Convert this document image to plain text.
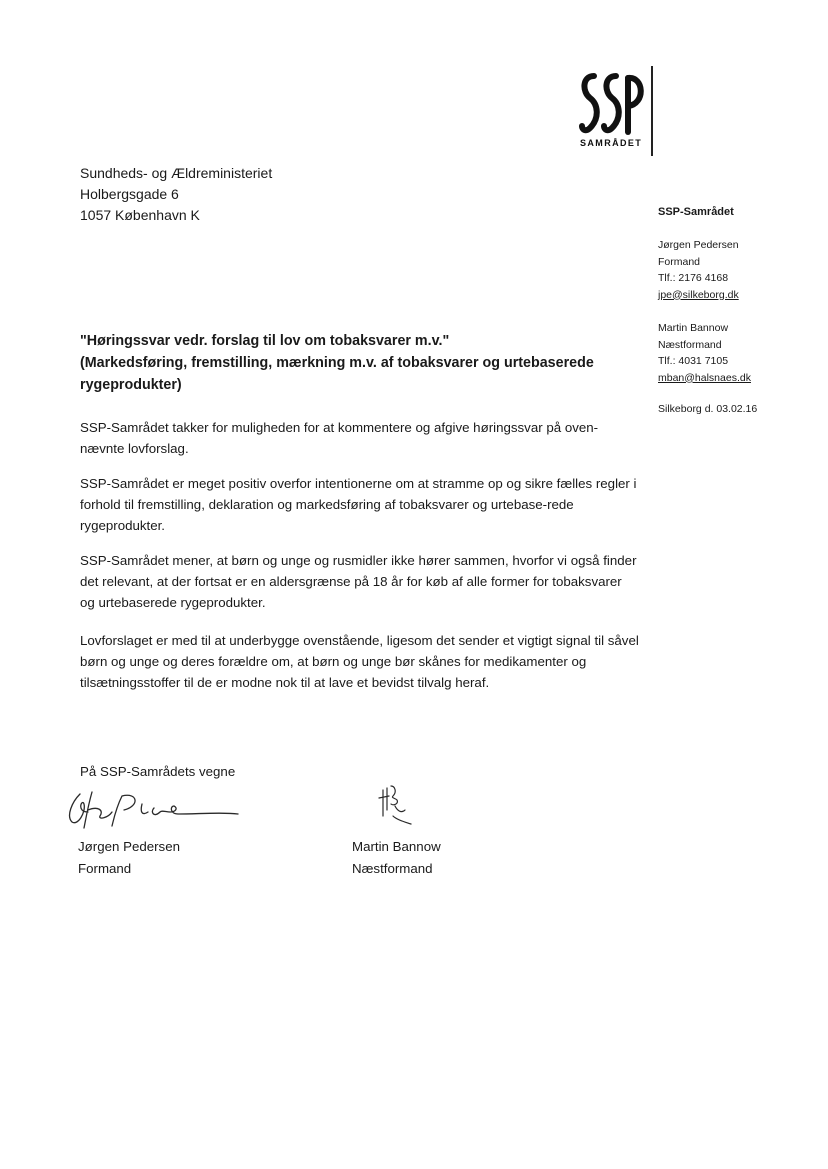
SAMRÅDET
Sundheds- og Ældreministeriet
Holbergsgade 6
1057 København K	SSP-Samrådet
Jørgen Pedersen
Formand
Tlf.: 2176 4168
jpe@silkeborg.dk
Martin Bannow
Næstformand
Tlf.: 4031 7105
mban@halsnaes.dk
Silkeborg d. 03.02.16
"Høringssvar vedr. forslag til lov om tobaksvarer m.v."
(Markedsføring, fremstilling, mærkning m.v. af tobaksvarer og urtebaserede rygeprodukter)

SSP-Samrådet takker for muligheden for at kommentere og afgive høringssvar på oven-nævnte lovforslag.

SSP-Samrådet er meget positiv overfor intentionerne om at stramme op og sikre fælles regler i forhold til fremstilling, deklaration og markedsføring af tobaksvarer og urtebase-rede rygeprodukter.

SSP-Samrådet mener, at børn og unge og rusmidler ikke hører sammen, hvorfor vi også finder det relevant, at der fortsat er en aldersgrænse på 18 år for køb af alle former for tobaksvarer og urtebaserede rygeprodukter.

Lovforslaget er med til at underbygge ovenstående, ligesom det sender et vigtigt signal til såvel børn og unge og deres forældre om, at børn og unge bør skånes for medikamenter og tilsætningsstoffer til de er modne nok til at lave et bevidst tilvalg heraf.

På SSP-Samrådets vegne
Jørgen Pedersen
Formand
Martin Bannow
Næstformand
